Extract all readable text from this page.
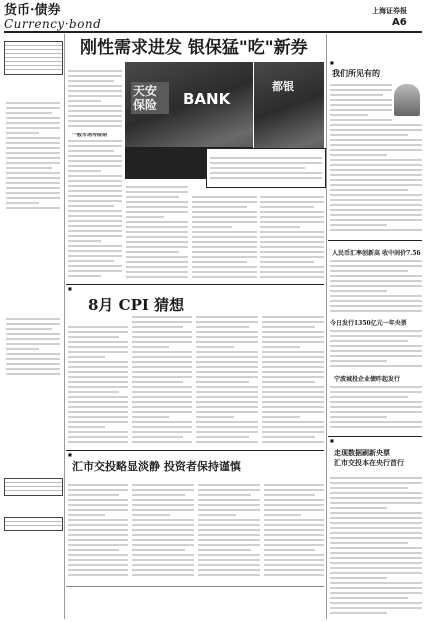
货币·债券
Currency·bond
上海证券报
A6
刚性需求进发 银保猛"吃"新券
一般市场寿险期
天安保险	BANK
都银
■
我们所见有的
人民币汇率创新高 收中间价7.56
今日发行1350亿元一年央票
宁波城投企业债昨起发行
■
8月 CPI 猜想
■
汇市交投略显淡静 投资者保持谨慎
■
走现数据刷新央票
汇市交投本在央行首行
